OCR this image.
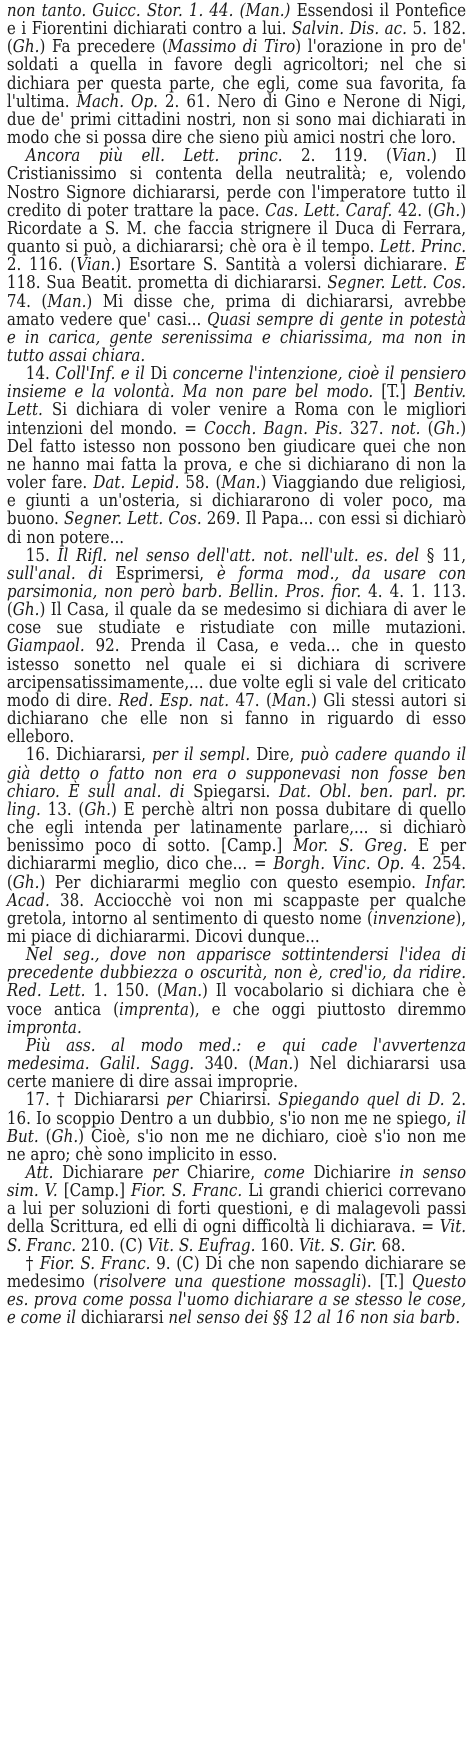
non tanto. Guicc. Stor. 1. 44. (Man.) Essendosi il Pontefice e i Fiorentini dichiarati contro a lui. Salvin. Dis. ac. 5. 182. (Gh.) Fa precedere (Massimo di Tiro) l'orazione in pro de' soldati a quella in favore degli agricoltori; nel che si dichiara per questa parte, che egli, come sua favorita, fa l'ultima. Mach. Op. 2. 61. Nero di Gino e Nerone di Nigi, due de' primi cittadini nostri, non si sono mai dichiarati in modo che si possa dire che sieno più amici nostri che loro.

Ancora più ell. Lett. princ. 2. 119. (Vian.) Il Cristianissimo si contenta della neutralità; e, volendo Nostro Signore dichiararsi, perde con l'imperatore tutto il credito di poter trattare la pace. Cas. Lett. Caraf. 42. (Gh.) Ricordate a S. M. che faccia strignere il Duca di Ferrara, quanto si può, a dichiararsi; chè ora è il tempo. Lett. Princ. 2. 116. (Vian.) Esortare S. Santità a volersi dichiarare. E 118. Sua Beatit. prometta di dichiararsi. Segner. Lett. Cos. 74. (Man.) Mi disse che, prima di dichiararsi, avrebbe amato vedere que' casi... Quasi sempre di gente in potestà e in carica, gente serenissima e chiarissima, ma non in tutto assai chiara.

14. Coll'Inf. e il Di concerne l'intenzione, cioè il pensiero insieme e la volontà. Ma non pare bel modo. [T.] Bentiv. Lett. Si dichiara di voler venire a Roma con le migliori intenzioni del mondo. = Cocch. Bagn. Pis. 327. not. (Gh.) Del fatto istesso non possono ben giudicare quei che non ne hanno mai fatta la prova, e che si dichiarano di non la voler fare. Dat. Lepid. 58. (Man.) Viaggiando due religiosi, e giunti a un'osteria, si dichiararono di voler poco, ma buono. Segner. Lett. Cos. 269. Il Papa... con essi si dichiarò di non potere...

15. Il Rifl. nel senso dell'att. not. nell'ult. es. del § 11, sull'anal. di Esprimersi, è forma mod., da usare con parsimonia, non però barb. Bellin. Pros. fior. 4. 4. 1. 113. (Gh.) Il Casa, il quale da se medesimo si dichiara di aver le cose sue studiate e ristudiate con mille mutazioni. Giampaol. 92. Prenda il Casa, e veda... che in questo istesso sonetto nel quale ei si dichiara di scrivere arcipensatissimamente,... due volte egli si vale del criticato modo di dire. Red. Esp. nat. 47. (Man.) Gli stessi autori si dichiarano che elle non si fanno in riguardo di esso elleboro.

16. Dichiararsi, per il sempl. Dire, può cadere quando il già detto o fatto non era o supponevasi non fosse ben chiaro. È sull anal. di Spiegarsi. Dat. Obl. ben. parl. pr. ling. 13. (Gh.) E perchè altri non possa dubitare di quello che egli intenda per latinamente parlare,... si dichiarò benissimo poco di sotto. [Camp.] Mor. S. Greg. E per dichiararmi meglio, dico che... = Borgh. Vinc. Op. 4. 254. (Gh.) Per dichiararmi meglio con questo esempio. Infar. Acad. 38. Acciocchè voi non mi scappaste per qualche gretola, intorno al sentimento di questo nome (invenzione), mi piace di dichiararmi. Dicovi dunque...

Nel seg., dove non apparisce sottintendersi l'idea di precedente dubbiezza o oscurità, non è, cred'io, da ridire. Red. Lett. 1. 150. (Man.) Il vocabolario si dichiara che è voce antica (imprenta), e che oggi piuttosto diremmo impronta.

Più ass. al modo med.: e qui cade l'avvertenza medesima. Galil. Sagg. 340. (Man.) Nel dichiararsi usa certe maniere di dire assai improprie.

17. † Dichiararsi per Chiarirsi. Spiegando quel di D. 2. 16. Io scoppio Dentro a un dubbio, s'io non me ne spiego, il But. (Gh.) Cioè, s'io non me ne dichiaro, cioè s'io non me ne apro; chè sono implicito in esso.

Att. Dichiarare per Chiarire, come Dichiarire in senso sim. V. [Camp.] Fior. S. Franc. Li grandi chierici correvano a lui per soluzioni di forti questioni, e di malagevoli passi della Scrittura, ed elli di ogni difficoltà li dichiarava. = Vit. S. Franc. 210. (C) Vit. S. Eufrag. 160. Vit. S. Gir. 68.

† Fior. S. Franc. 9. (C) Di che non sapendo dichiarare se medesimo (risolvere una questione mossagli). [T.] Questo es. prova come possa l'uomo dichiarare a se stesso le cose, e come il dichiararsi nel senso dei §§ 12 al 16 non sia barb.
